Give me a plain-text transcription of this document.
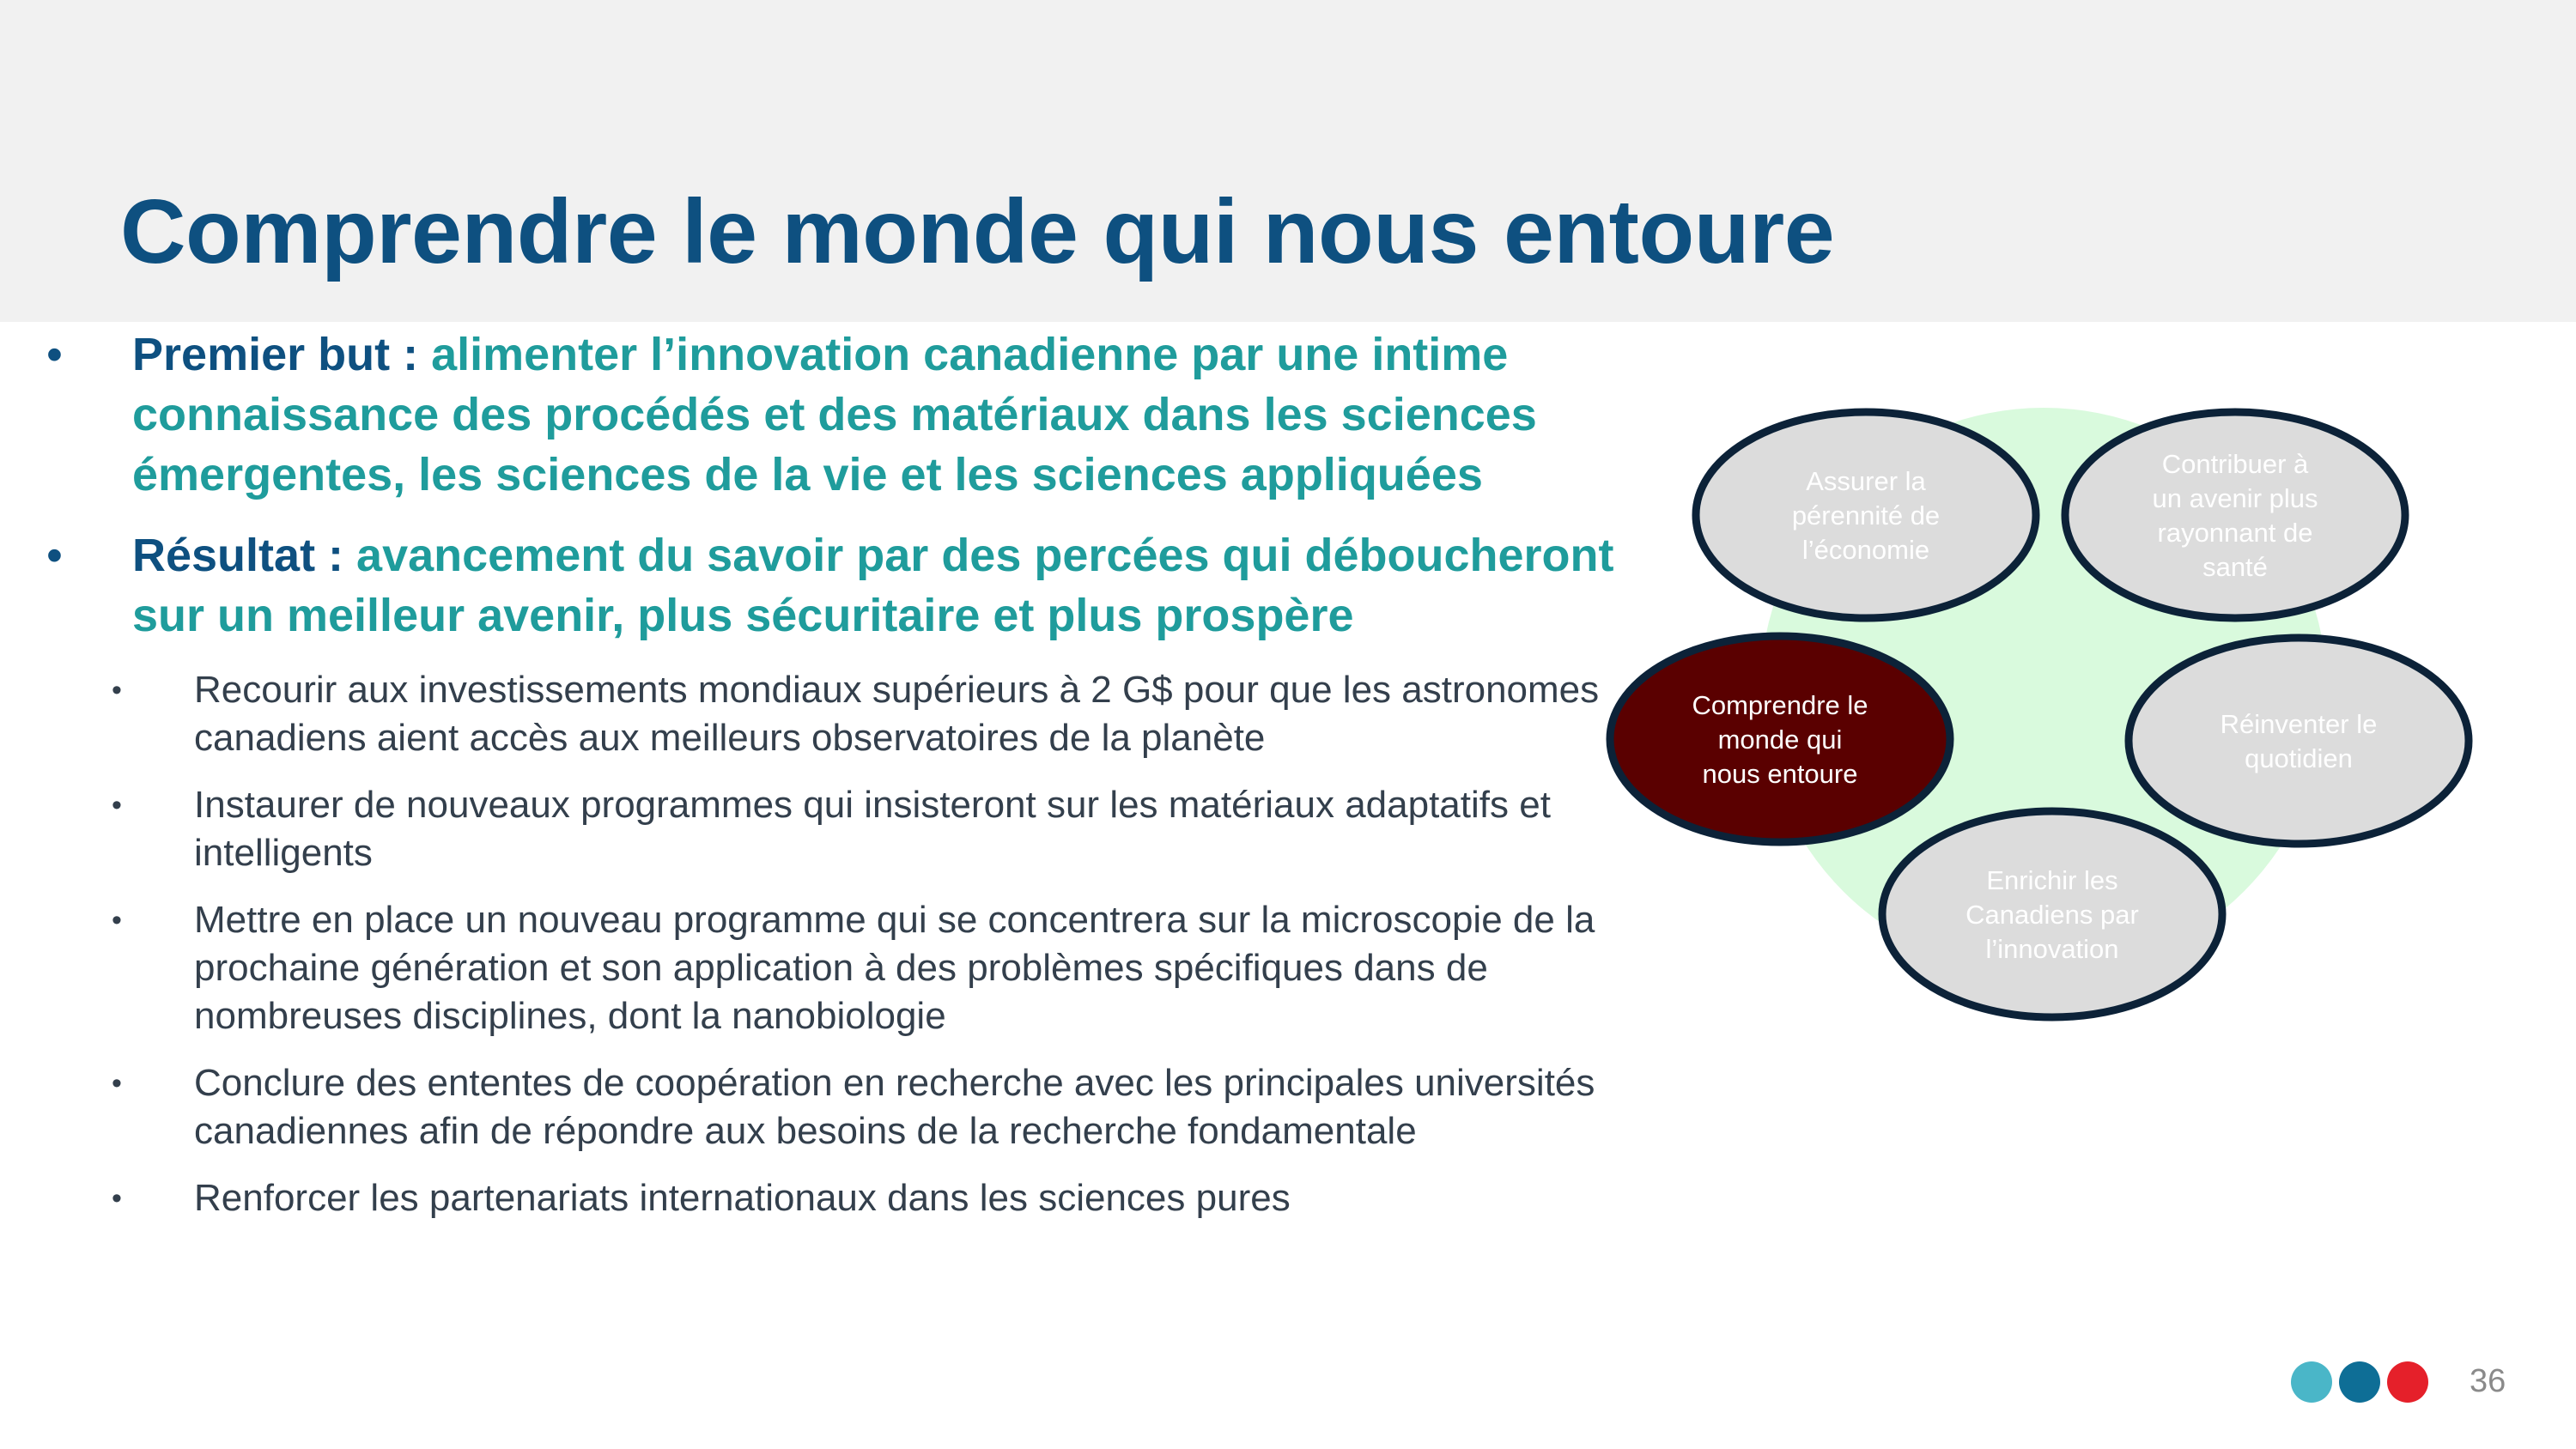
Comprendre le monde qui nous entoure
•	Premier but : alimenter l’innovation canadienne par une intime connaissance des procédés et des matériaux dans les sciences émergentes, les sciences de la vie et les sciences appliquées
•	Résultat : avancement du savoir par des percées qui déboucheront sur un meilleur avenir, plus sécuritaire et plus prospère
•	Recourir aux investissements mondiaux supérieurs à 2 G$ pour que les astronomes canadiens aient accès aux meilleurs observatoires de la planète
•	Instaurer de nouveaux programmes qui insisteront sur les matériaux adaptatifs et intelligents
•	Mettre en place un nouveau programme qui se concentrera sur la microscopie de la prochaine génération et son application à des problèmes spécifiques dans de nombreuses disciplines, dont la nanobiologie
•	Conclure des ententes de coopération en recherche avec les principales universités canadiennes afin de répondre aux besoins de la recherche fondamentale
•	Renforcer les partenariats internationaux dans les sciences pures
Assurer la
pérennité de
l’économie
Contribuer à
un avenir plus
rayonnant de
santé
Réinventer le
quotidien
Enrichir les
Canadiens par
l’innovation
Comprendre le
monde qui
nous entoure
36
